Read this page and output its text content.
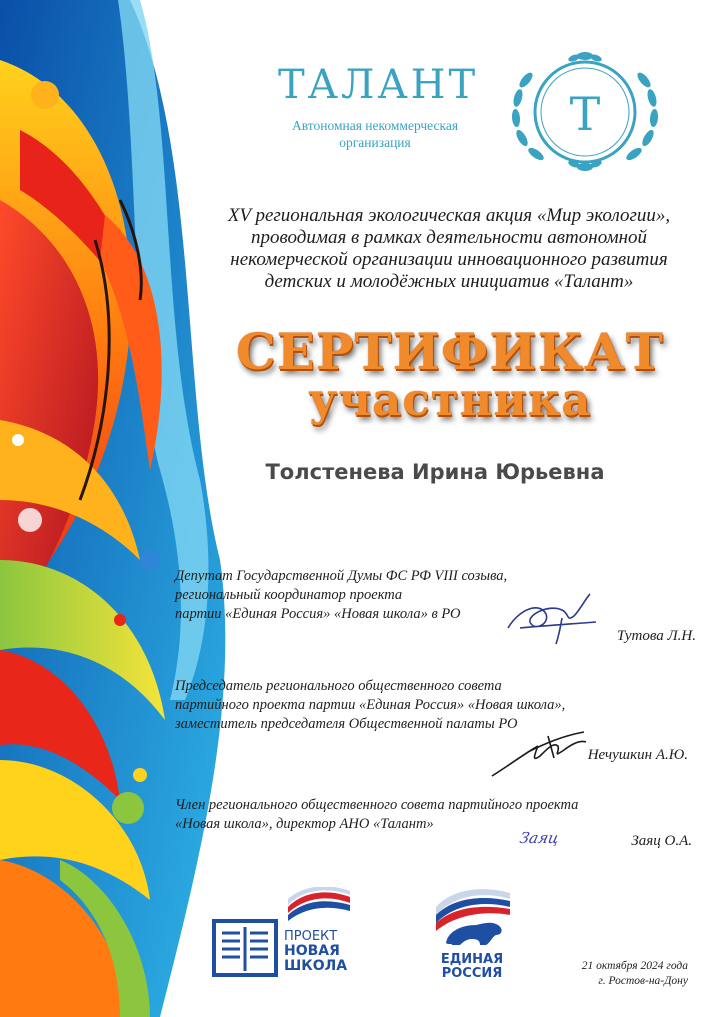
ТАЛАНТ
Автономная некоммерческая
организация
Т
XV региональная экологическая акция «Мир экологии»,
проводимая в рамках деятельности автономной
некомерческой организации инновационного развития
детских и молодёжных инициатив «Талант»
СЕРТИФИКАТ
участника
Толстенева Ирина Юрьевна
Депутат Государственной Думы ФС РФ VIII созыва,
региональный координатор проекта
партии «Единая Россия» «Новая школа» в РО
Тутова Л.Н.
Председатель регионального общественного совета
партийного проекта партии «Единая Россия» «Новая школа»,
заместитель председателя Общественной палаты РО
Нечушкин А.Ю.
Член регионального общественного совета партийного проекта
«Новая школа», директор АНО «Талант»
Заяц	Заяц О.А.
ПРОЕКТ
НОВАЯ
ШКОЛА	ЕДИНАЯ
РОССИЯ	21 октября 2024 года
г. Ростов-на-Дону
